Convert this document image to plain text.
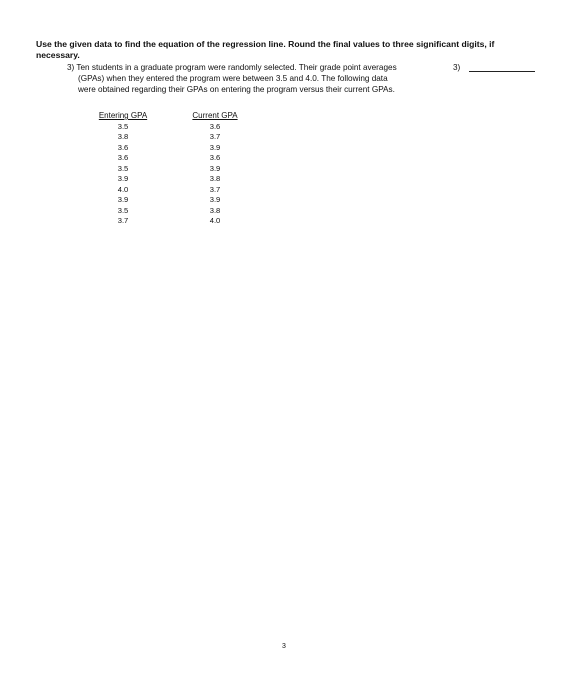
Use the given data to find the equation of the regression line. Round the final values to three significant digits, if necessary.
3) Ten students in a graduate program were randomly selected. Their grade point averages
(GPAs) when they entered the program were between 3.5 and 4.0. The following data
were obtained regarding their GPAs on entering the program versus their current GPAs.
3)
Entering GPA	Current GPA
3.5	3.6
3.8	3.7
3.6	3.9
3.6	3.6
3.5	3.9
3.9	3.8
4.0	3.7
3.9	3.9
3.5	3.8
3.7	4.0
3
